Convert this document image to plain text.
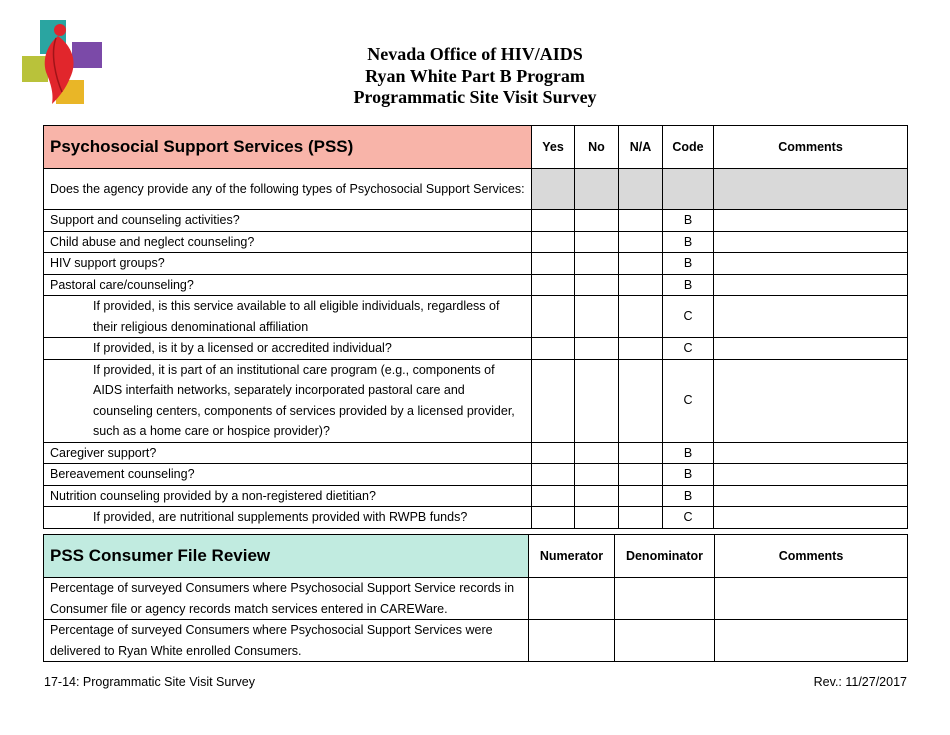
Nevada Office of HIV/AIDS
Ryan White Part B Program
Programmatic Site Visit Survey
Psychosocial Support Services (PSS)	Yes	No	N/A	Code	Comments
Does the agency provide any of the following types of Psychosocial Support Services:					
Support and counseling activities?				B	
Child abuse and neglect counseling?				B	
HIV support groups?				B	
Pastoral care/counseling?				B	
If provided, is this service available to all eligible individuals, regardless of their religious denominational affiliation				C	
If provided, is it by a licensed or accredited individual?				C	
If provided, it is part of an institutional care program (e.g., components of AIDS interfaith networks, separately incorporated pastoral care and counseling centers, components of services provided by a licensed provider, such as a home care or hospice provider)?				C	
Caregiver support?				B	
Bereavement counseling?				B	
Nutrition counseling provided by a non-registered dietitian?				B	
If provided, are nutritional supplements provided with RWPB funds?				C	
PSS Consumer File Review	Numerator	Denominator	Comments
Percentage of surveyed Consumers where Psychosocial Support Service records in Consumer file or agency records match services entered in CAREWare.			
Percentage of surveyed Consumers where Psychosocial Support Services were delivered to Ryan White enrolled Consumers.			
17-14: Programmatic Site Visit Survey	Rev.: 11/27/2017
